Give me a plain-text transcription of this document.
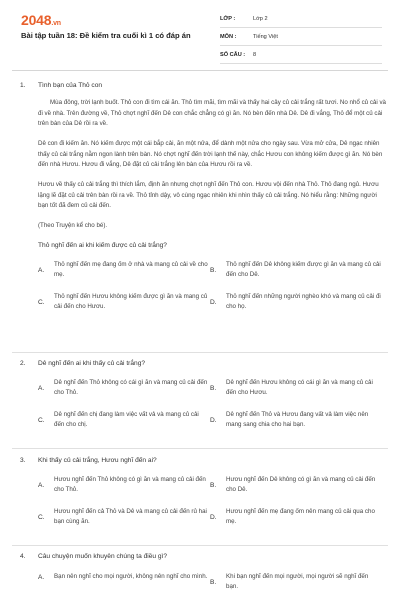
2048.vn
Bài tập tuần 18: Đề kiểm tra cuối kì 1 có đáp án
LỚP :	Lớp 2
MÔN :	Tiếng Việt
SỐ CÂU :	8
1.	Tình bạn của Thỏ con
Mùa đông, trời lạnh buốt. Thỏ con đi tìm cái ăn. Thỏ tìm mãi, tìm mãi và thấy hai cây củ cải trắng rất tươi. No nhổ củ cải và đi về nhà. Trên đường về, Thỏ chợt nghĩ đến Dê con chắc chẳng có gì ăn. Nó bèn đến nhà Dê. Dê đi vắng, Thỏ để một củ cải trên bàn của Dê rồi ra về.
Dê con đi kiếm ăn. Nó kiếm được một cái bắp cải, ăn một nửa, để dành một nửa cho ngày sau. Vừa mở cửa, Dê ngạc nhiên thấy củ cải trắng nằm ngon lành trên bàn. Nó chợt nghĩ đến trời lạnh thế này, chắc Hươu con không kiếm được gì ăn. Nó bèn đến nhà Hươu. Hươu đi vắng, Dê đặt củ cải trắng lên bàn của Hươu rồi ra về.
Hươu về thấy củ cải trắng thì thích lắm, định ăn nhưng chợt nghĩ đến Thỏ con. Hươu vội đến nhà Thỏ. Thỏ đang ngủ. Hươu lặng lẽ đặt củ cải trên bàn rồi ra về. Thỏ tỉnh dậy, vô cùng ngạc nhiên khi nhìn thấy củ cải trắng. Nó hiểu rằng: Những người bạn tốt đã đem củ cải đến.
(Theo Truyện kể cho bé).
Thỏ nghĩ đến ai khi kiếm được củ cải trắng?
A.
Thỏ nghĩ đến mẹ đang ốm ở nhà và mang củ cải về cho mẹ.
B.
Thỏ nghĩ đến Dê không kiếm được gì ăn và mang củ cải đến cho Dê.
C.
Thỏ nghĩ đến Hươu không kiếm được gì ăn và mang củ cải đến cho Hươu.
D.
Thỏ nghĩ đến những người nghèo khó và mang củ cải đi cho họ.
2.	Dê nghĩ đến ai khi thấy củ cải trắng?
A.
Dê nghĩ đến Thỏ không có cái gì ăn và mang củ cải đến cho Thỏ.
B.
Dê nghĩ đến Hươu không có cái gì ăn và mang củ cải đến cho Hươu.
C.
Dê nghĩ đến chị đang làm việc vất vả và mang củ cải đến cho chị.
D.
Dê nghĩ đến Thỏ và Hươu đang vất vả làm việc nên mang sang chia cho hai bạn.
3.	Khi thấy củ cải trắng, Hươu nghĩ đến ai?
A.
Hươu nghĩ đến Thỏ không có gì ăn và mang củ cải đến cho Thỏ.
B.
Hươu nghĩ đến Dê không có gì ăn và mang củ cải đến cho Dê.
C.
Hươu nghĩ đến cả Thỏ và Dê và mang củ cải đến rủ hai bạn cùng ăn.
D.
Hươu nghĩ đến mẹ đang ốm nên mang củ cải qua cho mẹ.
4.	Câu chuyện muốn khuyên chúng ta điều gì?
A.	Bạn nên nghĩ cho mọi người, không nên nghĩ cho mình.
B.
Khi bạn nghĩ đến mọi người, mọi người sẽ nghĩ đến bạn.
